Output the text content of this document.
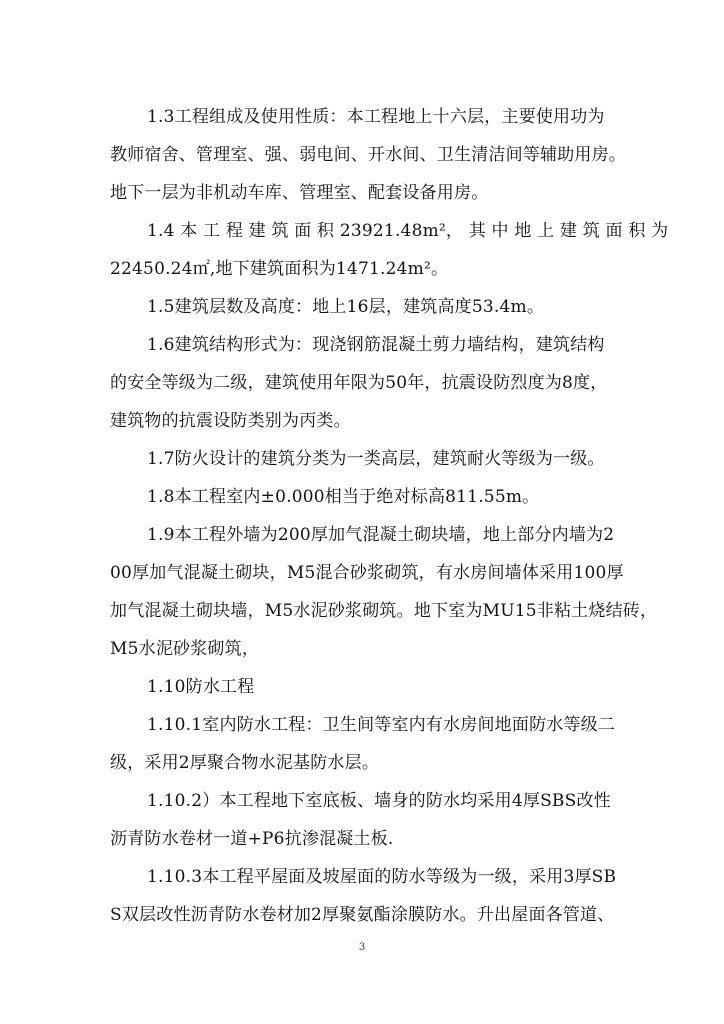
1.3工程组成及使用性质：本工程地上十六层，主要使用功为
教师宿舍、管理室、强、弱电间、开水间、卫生清洁间等辅助用房。
地下一层为非机动车库、管理室、配套设备用房。
1.4 本 工 程 建 筑 面 积 23921.48m²， 其 中 地 上 建 筑 面 积 为
22450.24㎡,地下建筑面积为1471.24m²。
1.5建筑层数及高度：地上16层，建筑高度53.4m。
1.6建筑结构形式为：现浇钢筋混凝土剪力墙结构，建筑结构
的安全等级为二级，建筑使用年限为50年，抗震设防烈度为8度，
建筑物的抗震设防类别为丙类。
1.7防火设计的建筑分类为一类高层，建筑耐火等级为一级。
1.8本工程室内±0.000相当于绝对标高811.55m。
1.9本工程外墙为200厚加气混凝土砌块墙，地上部分内墙为2
00厚加气混凝土砌块，M5混合砂浆砌筑，有水房间墙体采用100厚
加气混凝土砌块墙，M5水泥砂浆砌筑。地下室为MU15非粘土烧结砖，
M5水泥砂浆砌筑，
1.10防水工程
1.10.1室内防水工程：卫生间等室内有水房间地面防水等级二
级，采用2厚聚合物水泥基防水层。
1.10.2）本工程地下室底板、墙身的防水均采用4厚SBS改性
沥青防水卷材一道+P6抗渗混凝土板.
1.10.3本工程平屋面及坡屋面的防水等级为一级，采用3厚SB
S双层改性沥青防水卷材加2厚聚氨酯涂膜防水。升出屋面各管道、
3
